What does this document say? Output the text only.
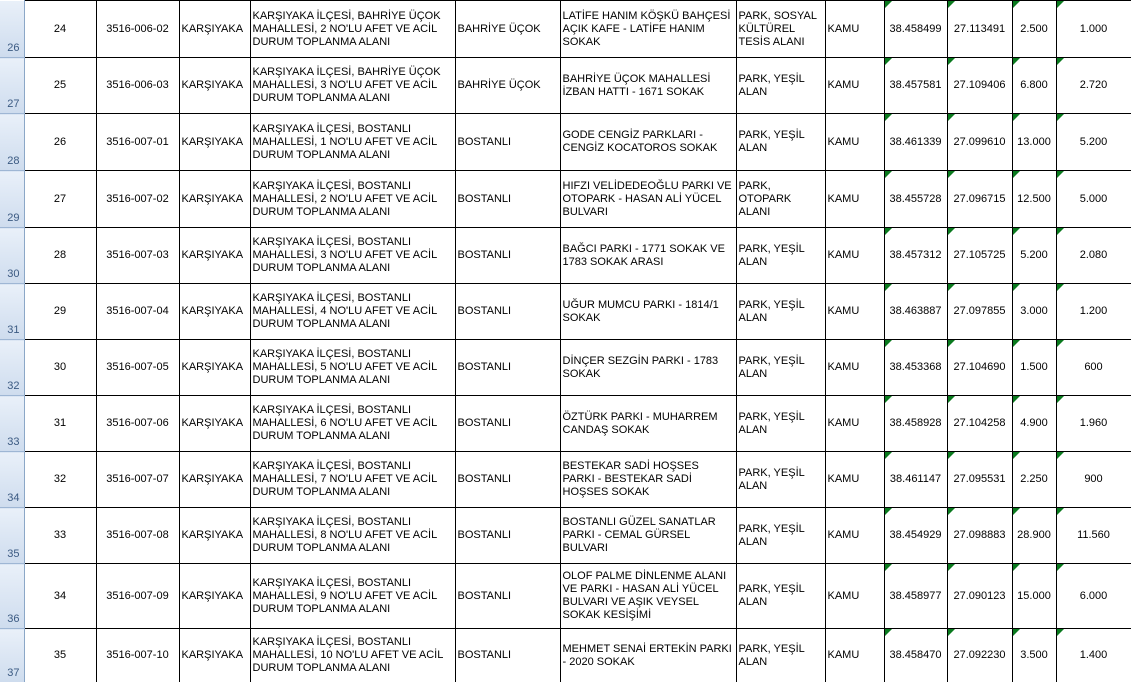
26	24	3516-006-02	KARŞIYAKA	KARŞIYAKA İLÇESİ, BAHRİYE ÜÇOK MAHALLESİ, 2 NO'LU AFET VE ACİL DURUM TOPLANMA ALANI	BAHRİYE ÜÇOK	LATİFE HANIM KÖŞKÜ BAHÇESİ AÇIK KAFE - LATİFE HANIM SOKAK	PARK, SOSYAL KÜLTÜREL TESİS ALANI	KAMU	38.458499	27.113491	2.500	1.000
27	25	3516-006-03	KARŞIYAKA	KARŞIYAKA İLÇESİ, BAHRİYE ÜÇOK MAHALLESİ, 3 NO'LU AFET VE ACİL DURUM TOPLANMA ALANI	BAHRİYE ÜÇOK	BAHRİYE ÜÇOK MAHALLESİ İZBAN HATTI - 1671 SOKAK	PARK, YEŞİL ALAN	KAMU	38.457581	27.109406	6.800	2.720
28	26	3516-007-01	KARŞIYAKA	KARŞIYAKA İLÇESİ, BOSTANLI MAHALLESİ, 1 NO'LU AFET VE ACİL DURUM TOPLANMA ALANI	BOSTANLI	GODE CENGİZ PARKLARI - CENGİZ KOCATOROS SOKAK	PARK, YEŞİL ALAN	KAMU	38.461339	27.099610	13.000	5.200
29	27	3516-007-02	KARŞIYAKA	KARŞIYAKA İLÇESİ, BOSTANLI MAHALLESİ, 2 NO'LU AFET VE ACİL DURUM TOPLANMA ALANI	BOSTANLI	HIFZI VELİDEDEOĞLU PARKI VE OTOPARK - HASAN ALİ YÜCEL BULVARI	PARK, OTOPARK ALANI	KAMU	38.455728	27.096715	12.500	5.000
30	28	3516-007-03	KARŞIYAKA	KARŞIYAKA İLÇESİ, BOSTANLI MAHALLESİ, 3 NO'LU AFET VE ACİL DURUM TOPLANMA ALANI	BOSTANLI	BAĞCI PARKI - 1771 SOKAK VE 1783 SOKAK ARASI	PARK, YEŞİL ALAN	KAMU	38.457312	27.105725	5.200	2.080
31	29	3516-007-04	KARŞIYAKA	KARŞIYAKA İLÇESİ, BOSTANLI MAHALLESİ, 4 NO'LU AFET VE ACİL DURUM TOPLANMA ALANI	BOSTANLI	UĞUR MUMCU PARKI - 1814/1 SOKAK	PARK, YEŞİL ALAN	KAMU	38.463887	27.097855	3.000	1.200
32	30	3516-007-05	KARŞIYAKA	KARŞIYAKA İLÇESİ, BOSTANLI MAHALLESİ, 5 NO'LU AFET VE ACİL DURUM TOPLANMA ALANI	BOSTANLI	DİNÇER SEZGİN PARKI - 1783 SOKAK	PARK, YEŞİL ALAN	KAMU	38.453368	27.104690	1.500	600
33	31	3516-007-06	KARŞIYAKA	KARŞIYAKA İLÇESİ, BOSTANLI MAHALLESİ, 6 NO'LU AFET VE ACİL DURUM TOPLANMA ALANI	BOSTANLI	ÖZTÜRK PARKI - MUHARREM CANDAŞ SOKAK	PARK, YEŞİL ALAN	KAMU	38.458928	27.104258	4.900	1.960
34	32	3516-007-07	KARŞIYAKA	KARŞIYAKA İLÇESİ, BOSTANLI MAHALLESİ, 7 NO'LU AFET VE ACİL DURUM TOPLANMA ALANI	BOSTANLI	BESTEKAR SADİ HOŞSES PARKI - BESTEKAR SADİ HOŞSES SOKAK	PARK, YEŞİL ALAN	KAMU	38.461147	27.095531	2.250	900
35	33	3516-007-08	KARŞIYAKA	KARŞIYAKA İLÇESİ, BOSTANLI MAHALLESİ, 8 NO'LU AFET VE ACİL DURUM TOPLANMA ALANI	BOSTANLI	BOSTANLI GÜZEL SANATLAR PARKI - CEMAL GÜRSEL BULVARI	PARK, YEŞİL ALAN	KAMU	38.454929	27.098883	28.900	11.560
36	34	3516-007-09	KARŞIYAKA	KARŞIYAKA İLÇESİ, BOSTANLI MAHALLESİ, 9 NO'LU AFET VE ACİL DURUM TOPLANMA ALANI	BOSTANLI	OLOF PALME DİNLENME ALANI VE PARKI - HASAN ALİ YÜCEL BULVARI VE AŞIK VEYSEL SOKAK KESİŞİMİ	PARK, YEŞİL ALAN	KAMU	38.458977	27.090123	15.000	6.000
37	35	3516-007-10	KARŞIYAKA	KARŞIYAKA İLÇESİ, BOSTANLI MAHALLESİ, 10 NO'LU AFET VE ACİL DURUM TOPLANMA ALANI	BOSTANLI	MEHMET SENAİ ERTEKİN PARKI - 2020 SOKAK	PARK, YEŞİL ALAN	KAMU	38.458470	27.092230	3.500	1.400
